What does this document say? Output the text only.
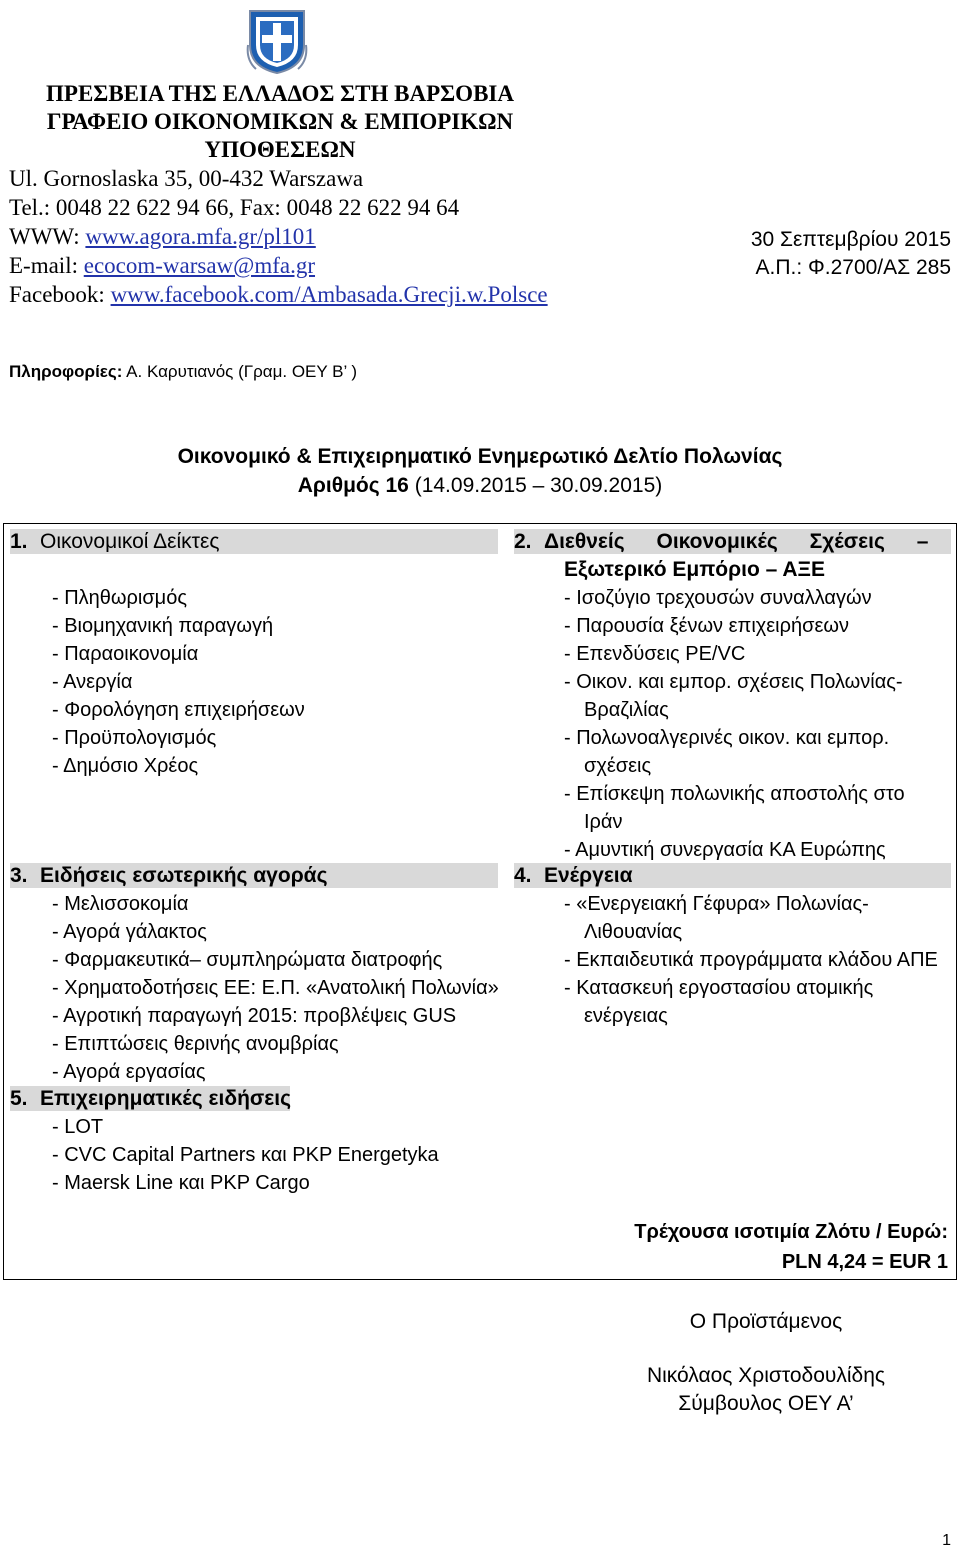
ΠΡΕΣΒΕΙΑ ΤΗΣ ΕΛΛΑΔΟΣ ΣΤΗ ΒΑΡΣΟΒΙΑ
ΓΡΑΦΕΙΟ ΟΙΚΟΝΟΜΙΚΩΝ & ΕΜΠΟΡΙΚΩΝ
ΥΠΟΘΕΣΕΩΝ
Ul. Gornoslaska 35, 00-432 Warszawa
Tel.: 0048 22 622 94 66, Fax: 0048 22 622 94 64
WWW: www.agora.mfa.gr/pl101
E-mail: ecocom-warsaw@mfa.gr
Facebook: www.facebook.com/Ambasada.Grecji.w.Polsce
30 Σεπτεμβρίου 2015
Α.Π.: Φ.2700/ΑΣ 285
Πληροφορίες: Α. Καρυτιανός (Γραμ. ΟΕΥ Β’ )
Οικονομικό & Επιχειρηματικό Ενημερωτικό Δελτίο Πολωνίας
Αριθμός 16 (14.09.2015 – 30.09.2015)
1. Οικονομικοί Δείκτες	2. Διεθνείς Οικονομικές Σχέσεις –
Εξωτερικό Εμπόριο – ΑΞΕ
- Πληθωρισμός
- Βιομηχανική παραγωγή
- Παραοικονομία
- Ανεργία
- Φορολόγηση επιχειρήσεων
- Προϋπολογισμός
- Δημόσιο Χρέος
- Ισοζύγιο τρεχουσών συναλλαγών
- Παρουσία ξένων επιχειρήσεων
- Επενδύσεις PE/VC
- Οικον. και εμπορ. σχέσεις Πολωνίας-
Βραζιλίας
- Πολωνοαλγερινές οικον. και εμπορ.
σχέσεις
- Επίσκεψη πολωνικής αποστολής στο
Ιράν
- Αμυντική συνεργασία ΚΑ Ευρώπης
3. Ειδήσεις εσωτερικής αγοράς	4. Ενέργεια
- Μελισσοκομία
- Αγορά γάλακτος
- Φαρμακευτικά– συμπληρώματα διατροφής
- Χρηματοδοτήσεις ΕΕ: Ε.Π. «Ανατολική Πολωνία»
- Αγροτική παραγωγή 2015: προβλέψεις GUS
- Επιπτώσεις θερινής ανομβρίας
- Αγορά εργασίας
- «Ενεργειακή Γέφυρα» Πολωνίας-
Λιθουανίας
- Εκπαιδευτικά προγράμματα κλάδου ΑΠΕ
- Κατασκευή εργοστασίου ατομικής
ενέργειας
5. Επιχειρηματικές ειδήσεις
- LOT
- CVC Capital Partners και PKP Energetyka
- Maersk Line και PKP Cargo
Τρέχουσα ισοτιμία Ζλότυ / Ευρώ:
PLN 4,24 = EUR 1
Ο Προϊστάμενος
Νικόλαος Χριστοδουλίδης
Σύμβουλος ΟΕΥ Α’
1
